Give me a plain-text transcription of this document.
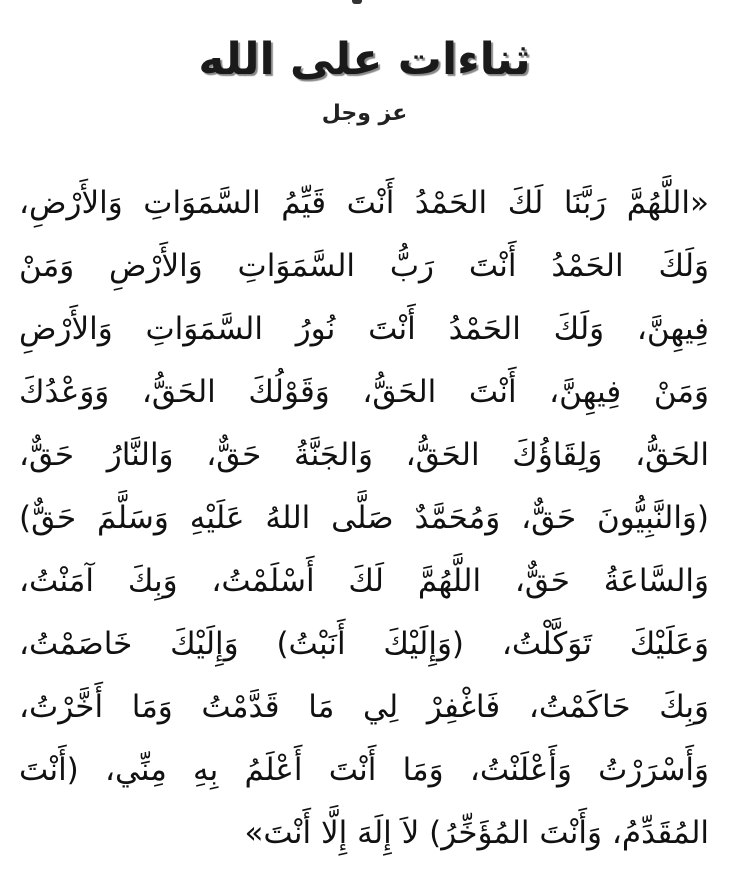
ثناءات على الله
عز وجل
«اللَّهُمَّ رَبَّنَا لَكَ الحَمْدُ أَنْتَ قَيِّمُ السَّمَوَاتِ وَالأَرْضِ،
وَلَكَ الحَمْدُ أَنْتَ رَبُّ السَّمَوَاتِ وَالأَرْضِ وَمَنْ
فِيهِنَّ، وَلَكَ الحَمْدُ أَنْتَ نُورُ السَّمَوَاتِ وَالأَرْضِ
وَمَنْ فِيهِنَّ، أَنْتَ الحَقُّ، وَقَوْلُكَ الحَقُّ، وَوَعْدُكَ
الحَقُّ، وَلِقَاؤُكَ الحَقُّ، وَالجَنَّةُ حَقٌّ، وَالنَّارُ حَقٌّ،
(وَالنَّبِيُّونَ حَقٌّ، وَمُحَمَّدٌ صَلَّى اللهُ عَلَيْهِ وَسَلَّمَ حَقٌّ)
وَالسَّاعَةُ حَقٌّ، اللَّهُمَّ لَكَ أَسْلَمْتُ، وَبِكَ آمَنْتُ،
وَعَلَيْكَ تَوَكَّلْتُ، (وَإِلَيْكَ أَنَبْتُ) وَإِلَيْكَ خَاصَمْتُ،
وَبِكَ حَاكَمْتُ، فَاغْفِرْ لِي مَا قَدَّمْتُ وَمَا أَخَّرْتُ،
وَأَسْرَرْتُ وَأَعْلَنْتُ، وَمَا أَنْتَ أَعْلَمُ بِهِ مِنِّي، (أَنْتَ
المُقَدِّمُ، وَأَنْتَ المُؤَخِّرُ) لاَ إِلَهَ إِلَّا أَنْتَ»
